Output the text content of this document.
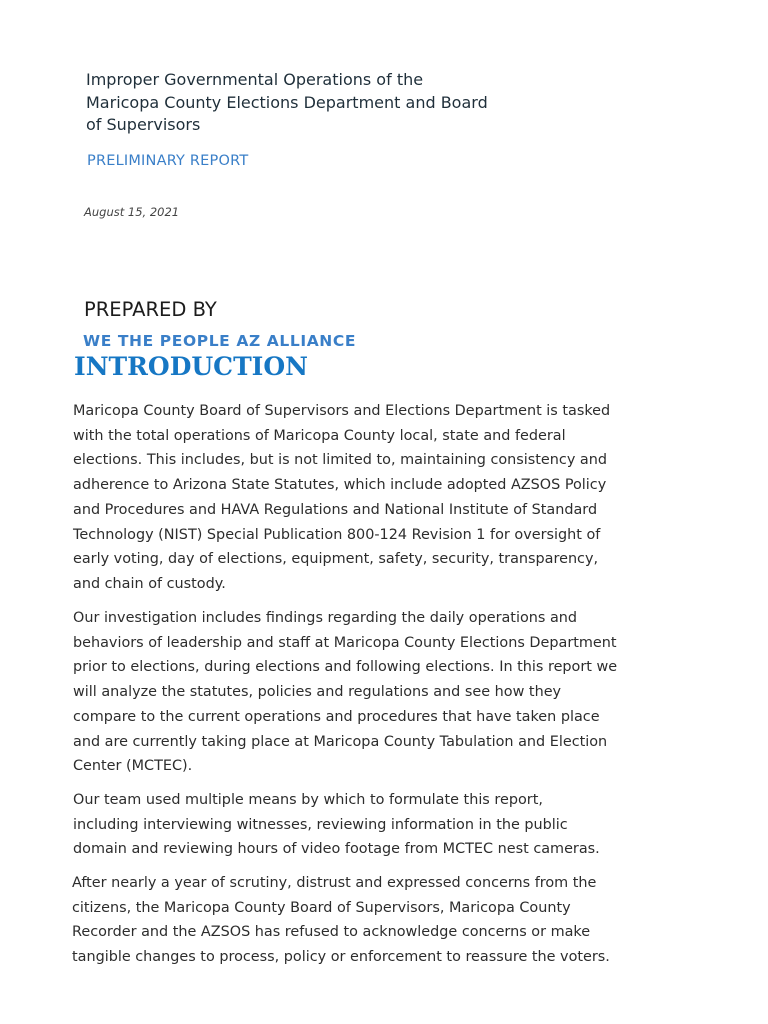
Improper Governmental Operations of the
Maricopa County Elections Department and Board
of Supervisors
PRELIMINARY REPORT
August 15, 2021
PREPARED BY
WE THE PEOPLE AZ ALLIANCE
INTRODUCTION
Maricopa County Board of Supervisors and Elections Department is tasked
with the total operations of Maricopa County local, state and federal
elections. This includes, but is not limited to, maintaining consistency and
adherence to Arizona State Statutes, which include adopted AZSOS Policy
and Procedures and HAVA Regulations and National Institute of Standard
Technology (NIST) Special Publication 800-124 Revision 1 for oversight of
early voting, day of elections, equipment, safety, security, transparency,
and chain of custody.
Our investigation includes findings regarding the daily operations and
behaviors of leadership and staff at Maricopa County Elections Department
prior to elections, during elections and following elections. In this report we
will analyze the statutes, policies and regulations and see how they
compare to the current operations and procedures that have taken place
and are currently taking place at Maricopa County Tabulation and Election
Center (MCTEC).
Our team used multiple means by which to formulate this report,
including interviewing witnesses, reviewing information in the public
domain and reviewing hours of video footage from MCTEC nest cameras.
After nearly a year of scrutiny, distrust and expressed concerns from the
citizens, the Maricopa County Board of Supervisors, Maricopa County
Recorder and the AZSOS has refused to acknowledge concerns or make
tangible changes to process, policy or enforcement to reassure the voters.
